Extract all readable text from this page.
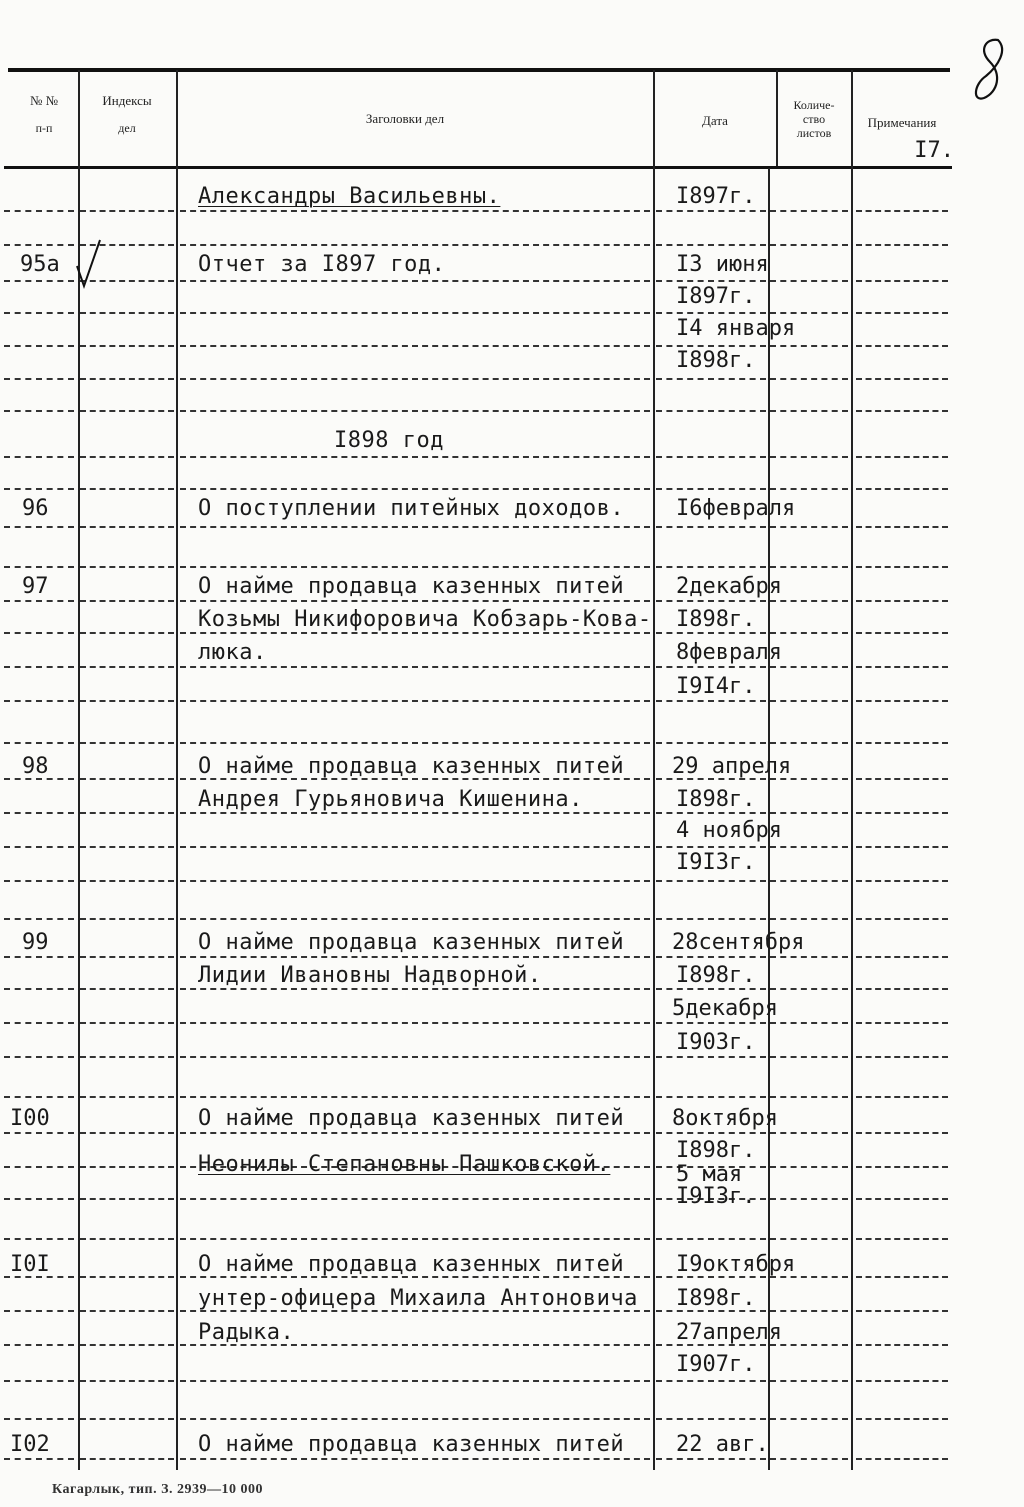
№ №
п-п
Индексы
дел
Заголовки дел	Дата
Количе-
ство
листов
Примечания
I7.
95а
96
97
98
99
I00
I0I
I02
Александры Васильевны.
Отчет за I897 год.
I898 год
О поступлении питейных доходов.
О найме продавца казенных питей
Козьмы Никифоровича Кобзарь-Кова-
люка.
О найме продавца казенных питей
Андрея Гурьяновича Кишенина.
О найме продавца казенных питей
Лидии Ивановны Надворной.
О найме продавца казенных питей
Неонилы Степановны Пашковской.
О найме продавца казенных питей
унтер-офицера Михаила Антоновича
Радыка.
О найме продавца казенных питей
I897г.
I3 июня
I897г.
I4 января
I898г.
I6февраля
2декабря
I898г.
8февраля
I9I4г.
29 апреля
I898г.
4 ноября
I9I3г.
28сентября
I898г.
5декабря
I903г.
8октября
I898г.
5 мая
I9I3г.
I9октября
I898г.
27апреля
I907г.
22 авг.
Кагарлык, тип. З. 2939—10 000
